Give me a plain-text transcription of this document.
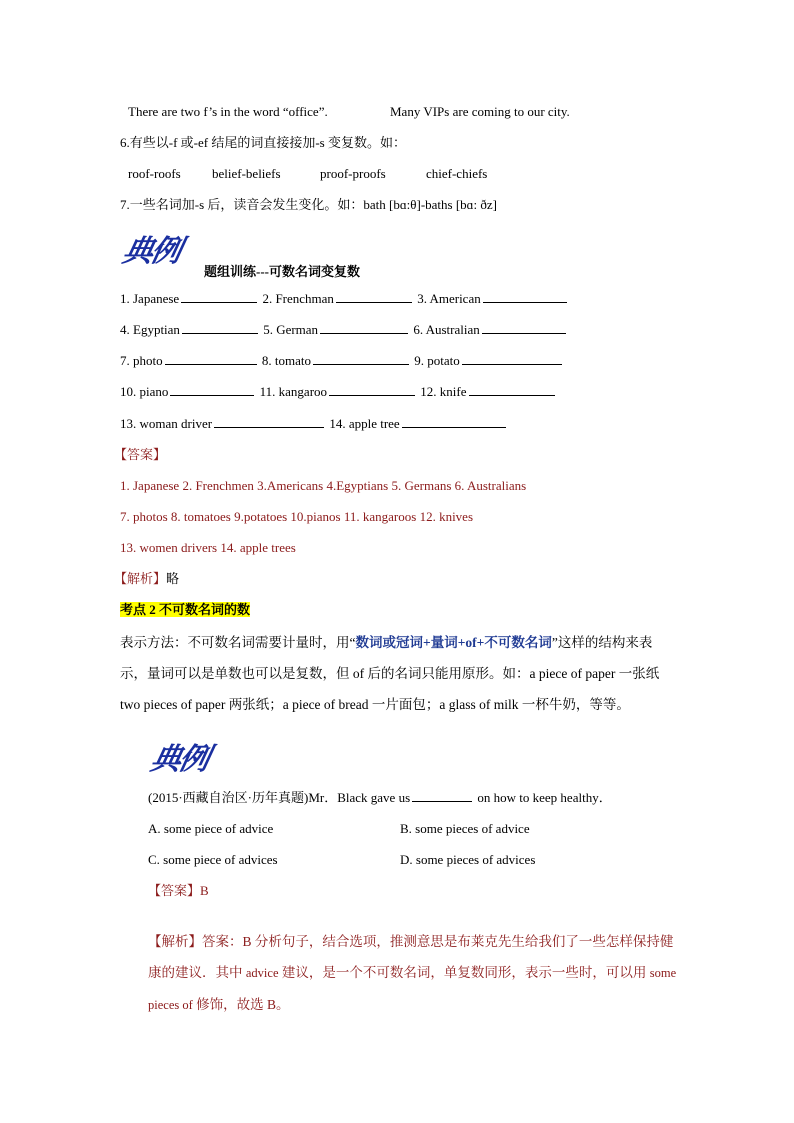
There are two f’s in the word “office”.	Many VIPs are coming to our city.
6.有些以-f 或-ef 结尾的词直接接加-s 变复数。如：
roof-roofs belief-beliefs	proof-proofs	chief-chiefs
7.一些名词加-s 后，读音会发生变化。如：bath [bɑ:θ]-baths [bɑ: ðz]
典例
题组训练---可数名词变复数
1. Japanese	2. Frenchman	3. American
4. Egyptian	5. German	6. Australian
7. photo	8. tomato	9. potato
10. piano	11. kangaroo	12. knife
13. woman driver	14. apple tree
【答案】
1. Japanese 2. Frenchmen 3.Americans 4.Egyptians 5. Germans 6. Australians
7. photos 8. tomatoes 9.potatoes 10.pianos 11. kangaroos 12. knives
13. women drivers 14. apple trees
【解析】略
考点 2 不可数名词的数
表示方法：不可数名词需要计量时，用“数词或冠词+量词+of+不可数名词”这样的结构来表示，量词可以是单数也可以是复数，但 of 后的名词只能用原形。如：a piece of paper 一张纸 two pieces of paper 两张纸；a piece of bread 一片面包；a glass of milk 一杯牛奶，等等。
典例
(2015·西藏自治区·历年真题)Mr．Black gave us	on how to keep healthy．
A. some piece of advice	B. some pieces of advice
C. some piece of advices	D. some pieces of advices
【答案】B
【解析】答案：B 分析句子，结合选项，推测意思是布莱克先生给我们了一些怎样保持健康的建议．其中 advice 建议，是一个不可数名词，单复数同形，表示一些时，可以用 some pieces of 修饰，故选 B。
